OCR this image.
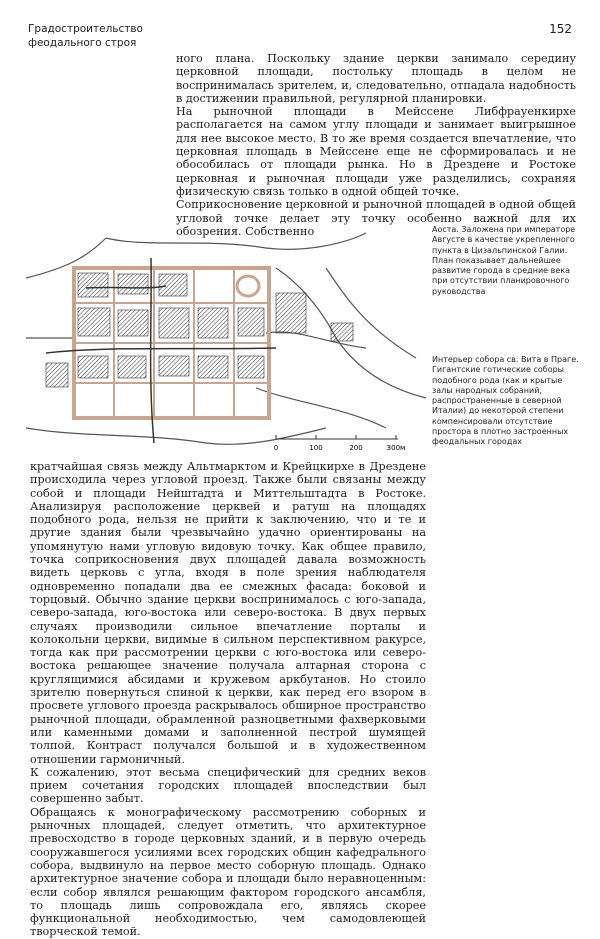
Градостроительство
феодального строя
152

ного плана. Поскольку здание церкви занимало середину церковной площади, постольку площадь в целом не воспринималась зрителем, и, следовательно, отпадала надобность в достижении правильной, регулярной планировки.

На рыночной площади в Мейссене Либфрауенкирхе располагается на самом углу площади и занимает выигрышное для нее высокое место. В то же время создается впечатление, что церковная площадь в Мейссене еще не сформировалась и не обособилась от площади рынка. Но в Дрездене и Ростоке церковная и рыночная площади уже разделились, сохраняя физическую связь только в одной общей точке.

Соприкосновение церковной и рыночной площадей в одной общей угловой точке делает эту точку особенно важной для их обозрения. Собственно

0	100	200	300м
Аоста. Заложена при императоре Августе в качестве укрепленного пункта в Цизальпинской Галии. План показывает дальнейшее развитие города в средние века при отсутствии планировочного руководства
Интерьер собора св. Вита в Праге. Гигантские готические соборы подобного рода (как и крытые залы народных собраний, распространенные в северной Италии) до некоторой степени компенсировали отсутствие простора в плотно застроенных феодальных городах

кратчайшая связь между Альтмарктом и Крейцкирхе в Дрездене происходила через угловой проезд. Также были связаны между собой и площади Нейштадта и Миттельштадта в Ростоке. Анализируя расположение церквей и ратуш на площадях подобного рода, нельзя не прийти к заключению, что и те и другие здания были чрезвычайно удачно ориентированы на упомянутую нами угловую видовую точку. Как общее правило, точка соприкосновения двух площадей давала возможность видеть церковь с угла, входя в поле зрения наблюдателя одновременно попадали два ее смежных фасада: боковой и торцовый. Обычно здание церкви воспринималось с юго-запада, северо-запада, юго-востока или северо-востока. В двух первых случаях производили сильное впечатление порталы и колокольни церкви, видимые в сильном перспективном ракурсе, тогда как при рассмотрении церкви с юго-востока или северо-востока решающее значение получала алтарная сторона с круглящимися абсидами и кружевом аркбутанов. Но стоило зрителю повернуться спиной к церкви, как перед его взором в просвете углового проезда раскрывалось обширное пространство рыночной площади, обрамленной разноцветными фахверковыми или каменными домами и заполненной пестрой шумящей толпой. Контраст получался большой и в художественном отношении гармоничный.

К сожалению, этот весьма специфический для средних веков прием сочетания городских площадей впоследствии был совершенно забыт.

Обращаясь к монографическому рассмотрению соборных и рыночных площадей, следует отметить, что архитектурное превосходство в городе церковных зданий, и в первую очередь сооружавшегося усилиями всех городских общин кафедрального собора, выдвинуло на первое место соборную площадь. Однако архитектурное значение собора и площади было неравноценным: если собор являлся решающим фактором городского ансамбля, то площадь лишь сопровождала его, являясь скорее функциональной необходимостью, чем самодовлеющей творческой темой.
